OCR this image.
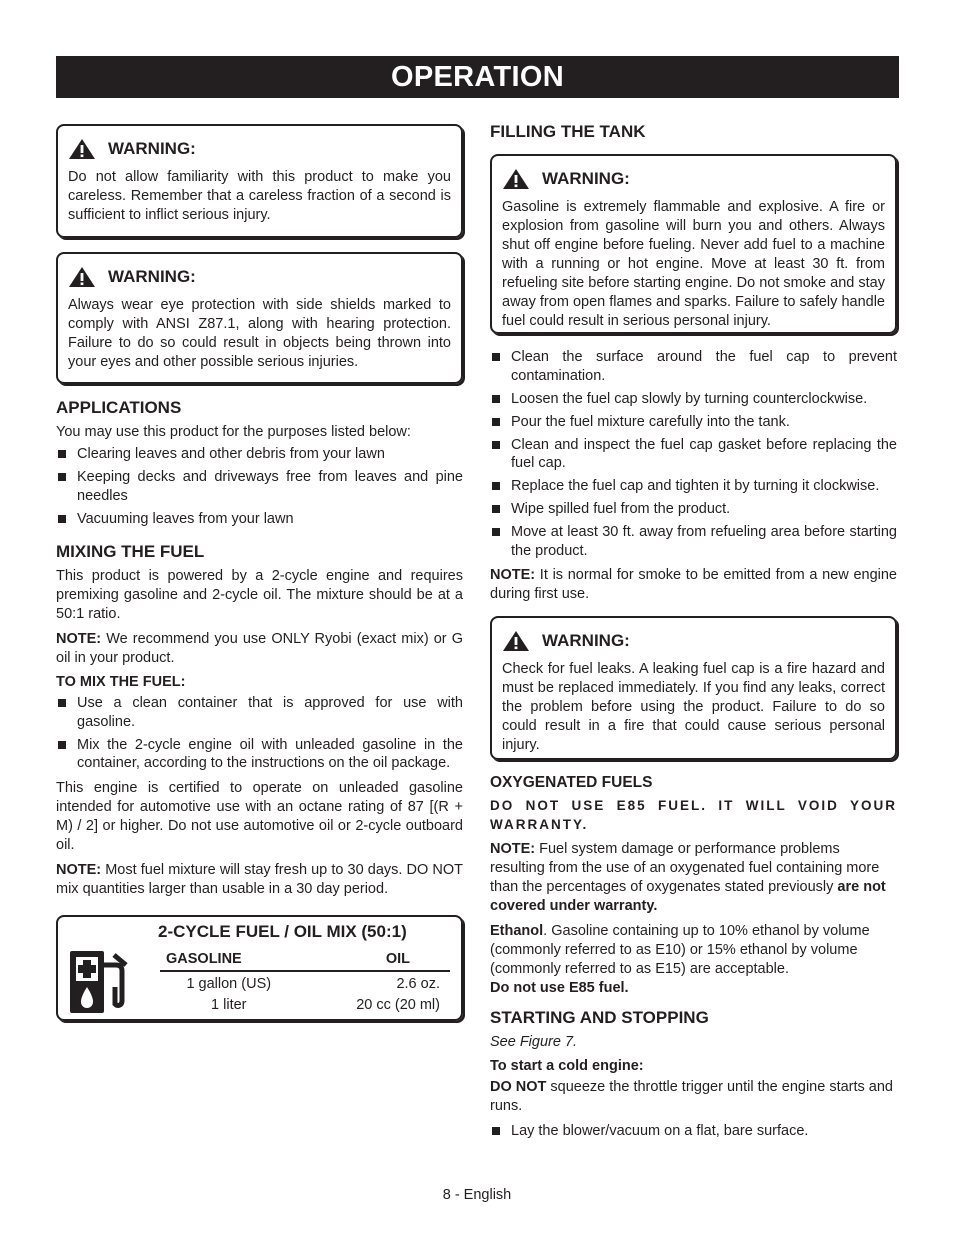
OPERATION
WARNING:

Do not allow familiarity with this product to make you careless. Remember that a careless fraction of a second is sufficient to inflict serious injury.

WARNING:

Always wear eye protection with side shields marked to comply with ANSI Z87.1, along with hearing protection. Failure to do so could result in objects being thrown into your eyes and other possible serious injuries.

APPLICATIONS

You may use this product for the purposes listed below:

Clearing leaves and other debris from your lawn
Keeping decks and driveways free from leaves and pine needles
Vacuuming leaves from your lawn
MIXING THE FUEL

This product is powered by a 2-cycle engine and requires premixing gasoline and 2-cycle oil. The mixture should be at a 50:1 ratio.

NOTE: We recommend you use ONLY Ryobi (exact mix) or G oil in your product.

TO MIX THE FUEL:
Use a clean container that is approved for use with gasoline.
Mix the 2-cycle engine oil with unleaded gasoline in the container, according to the instructions on the oil package.

This engine is certified to operate on unleaded gasoline intended for automotive use with an octane rating of 87 [(R + M) / 2] or higher. Do not use automotive oil or 2-cycle outboard oil.

NOTE: Most fuel mixture will stay fresh up to 30 days. DO NOT mix quantities larger than usable in a 30 day period.

2-CYCLE FUEL / OIL MIX (50:1)
GASOLINE	OIL
1 gallon (US)	2.6 oz.
1 liter	20 cc (20 ml)
FILLING THE TANK
WARNING:

Gasoline is extremely flammable and explosive. A fire or explosion from gasoline will burn you and others. Always shut off engine before fueling. Never add fuel to a machine with a running or hot engine. Move at least 30 ft. from refueling site before starting engine. Do not smoke and stay away from open flames and sparks. Failure to safely handle fuel could result in serious personal injury.

Clean the surface around the fuel cap to prevent contamination.
Loosen the fuel cap slowly by turning counterclockwise.
Pour the fuel mixture carefully into the tank.
Clean and inspect the fuel cap gasket before replacing the fuel cap.
Replace the fuel cap and tighten it by turning it clockwise.
Wipe spilled fuel from the product.
Move at least 30 ft. away from refueling area before starting the product.

NOTE: It is normal for smoke to be emitted from a new engine during first use.

WARNING:

Check for fuel leaks. A leaking fuel cap is a fire hazard and must be replaced immediately. If you find any leaks, correct the problem before using the product. Failure to do so could result in a fire that could cause serious personal injury.

OXYGENATED FUELS

DO NOT USE E85 FUEL. IT WILL VOID YOUR WARRANTY.

NOTE: Fuel system damage or performance problems resulting from the use of an oxygenated fuel containing more than the percentages of oxygenates stated previously are not covered under warranty.

Ethanol. Gasoline containing up to 10% ethanol by volume (commonly referred to as E10) or 15% ethanol by volume (commonly referred to as E15) are acceptable.

Do not use E85 fuel.

STARTING AND STOPPING

See Figure 7.

To start a cold engine:

DO NOT squeeze the throttle trigger until the engine starts and runs.

Lay the blower/vacuum on a flat, bare surface.
8 - English
